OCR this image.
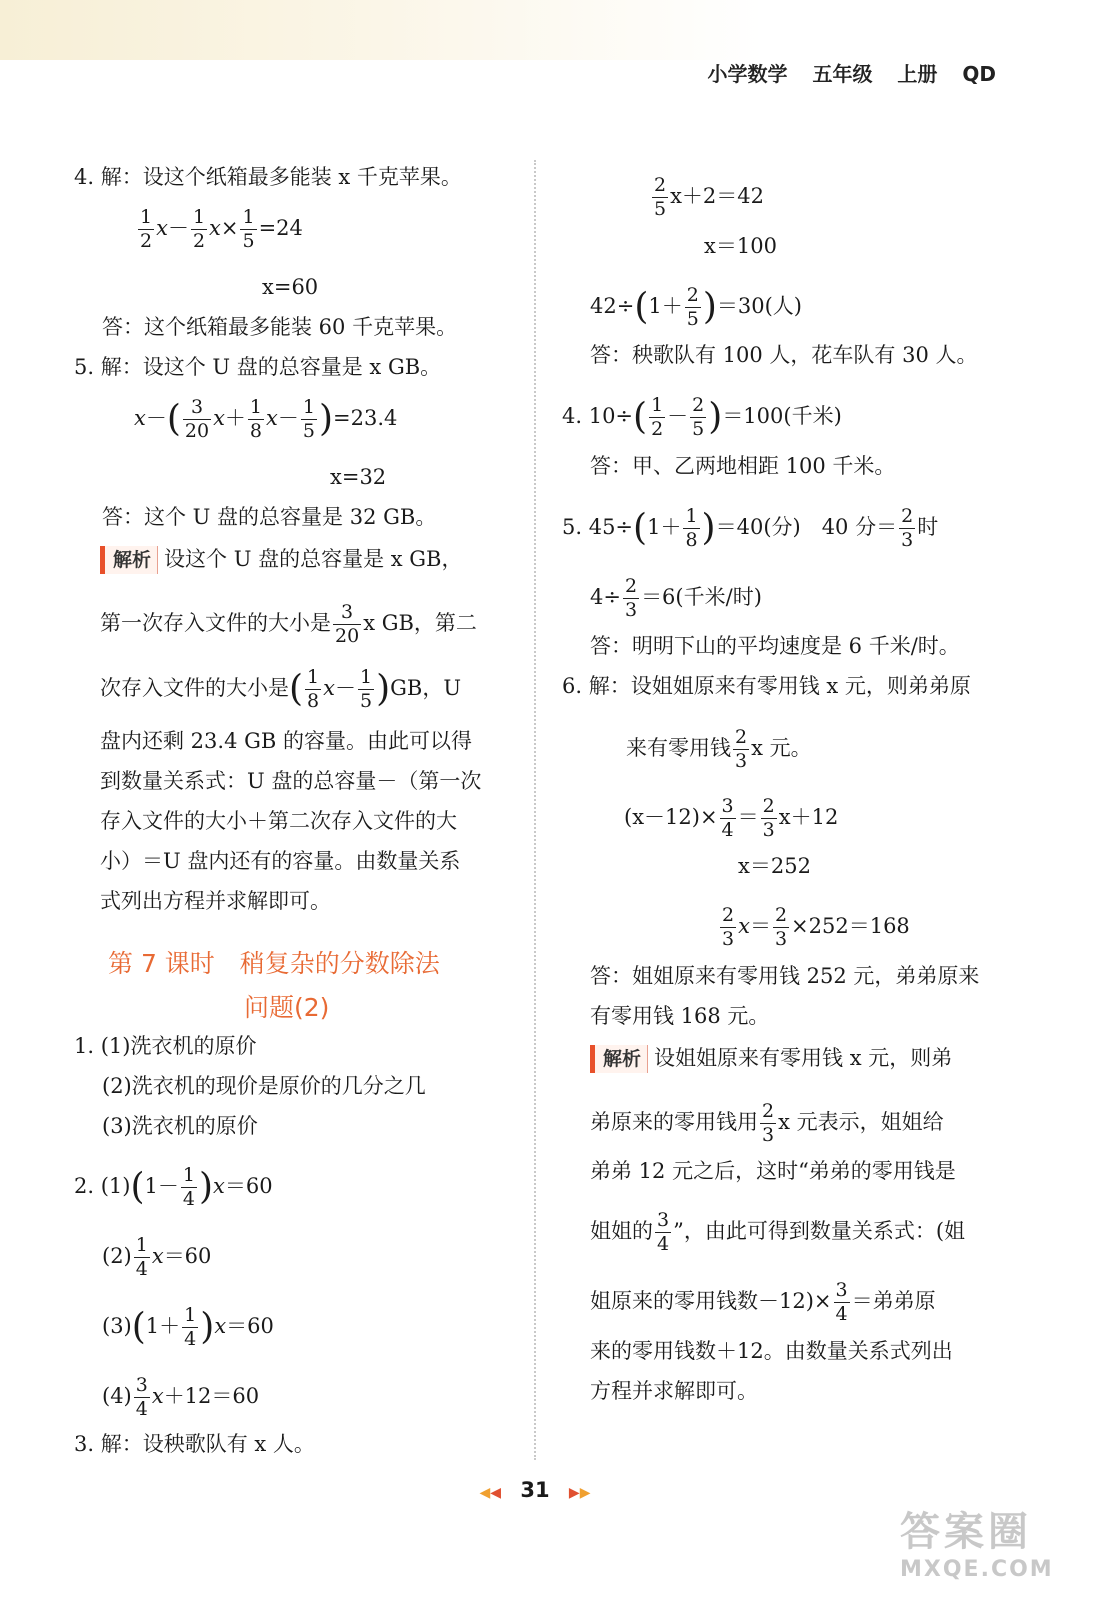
小学数学 五年级 上册 QD
4. 解：设这个纸箱最多能装 x 千克苹果。
$\frac{1}{2} x- \frac{1}{2} x\times \frac{1}{5} =24$
x=60
答：这个纸箱最多能装 60 千克苹果。
5. 解：设这个 U 盘的总容量是 x GB。
$x-( \frac{3}{20} x+ \frac{1}{8} x- \frac{1}{5} )=23.4$
x=32
答：这个 U 盘的总容量是 32 GB。
解析 设这个 U 盘的总容量是 x GB，
第一次存入文件的大小是 $\frac{3}{20}$ x GB，第二
次存入文件的大小是( $\frac{1}{8} x- \frac{1}{5} )GB$，U
盘内还剩 23.4 GB 的容量。由此可以得
到数量关系式：U 盘的总容量－（第一次
存入文件的大小＋第二次存入文件的大
小）＝U 盘内还有的容量。由数量关系
式列出方程并求解即可。
第 7 课时　稍复杂的分数除法
问题(2)
1. (1)洗衣机的原价
(2)洗衣机的现价是原价的几分之几
(3)洗衣机的原价
2. $(1)(1- \frac{1}{4} )x=60$
$(2) \frac{1}{4} x=60$
$(3)(1+ \frac{1}{4} )x=60$
$(4) \frac{3}{4} x+12=60$
3. 解：设秧歌队有 x 人。
$\frac{2}{5} x+2=42$
x＝100
$42\div(1+ \frac{2}{5} )=30$(人)
答：秧歌队有 100 人，花车队有 30 人。
4. $10\div( \frac{1}{2} - \frac{2}{5} )=100$(千米)
答：甲、乙两地相距 100 千米。
5. $45\div(1+ \frac{1}{8} )=40$(分)　40 分＝ $\frac{2}{3}$ 时
$4\div \frac{2}{3} =6$(千米/时)
答：明明下山的平均速度是 6 千米/时。
6. 解：设姐姐原来有零用钱 x 元，则弟弟原
来有零用钱 $\frac{2}{3}$ x 元。
$(x-12)\times \frac{3}{4} = \frac{2}{3} x+12$
x＝252
$\frac{2}{3} x= \frac{2}{3} \times 252=168$
答：姐姐原来有零用钱 252 元，弟弟原来
有零用钱 168 元。
解析 设姐姐原来有零用钱 x 元，则弟
弟原来的零用钱用 $\frac{2}{3}$ x 元表示，姐姐给
弟弟 12 元之后，这时“弟弟的零用钱是
姐姐的 $\frac{3}{4}$ ”，由此可得到数量关系式：(姐
姐原来的零用钱数$-12)\times \frac{3}{4}$ ＝弟弟原
来的零用钱数＋12。由数量关系式列出
方程并求解即可。
◀◀ 31 ▶▶
答案圈
MXQE.COM
